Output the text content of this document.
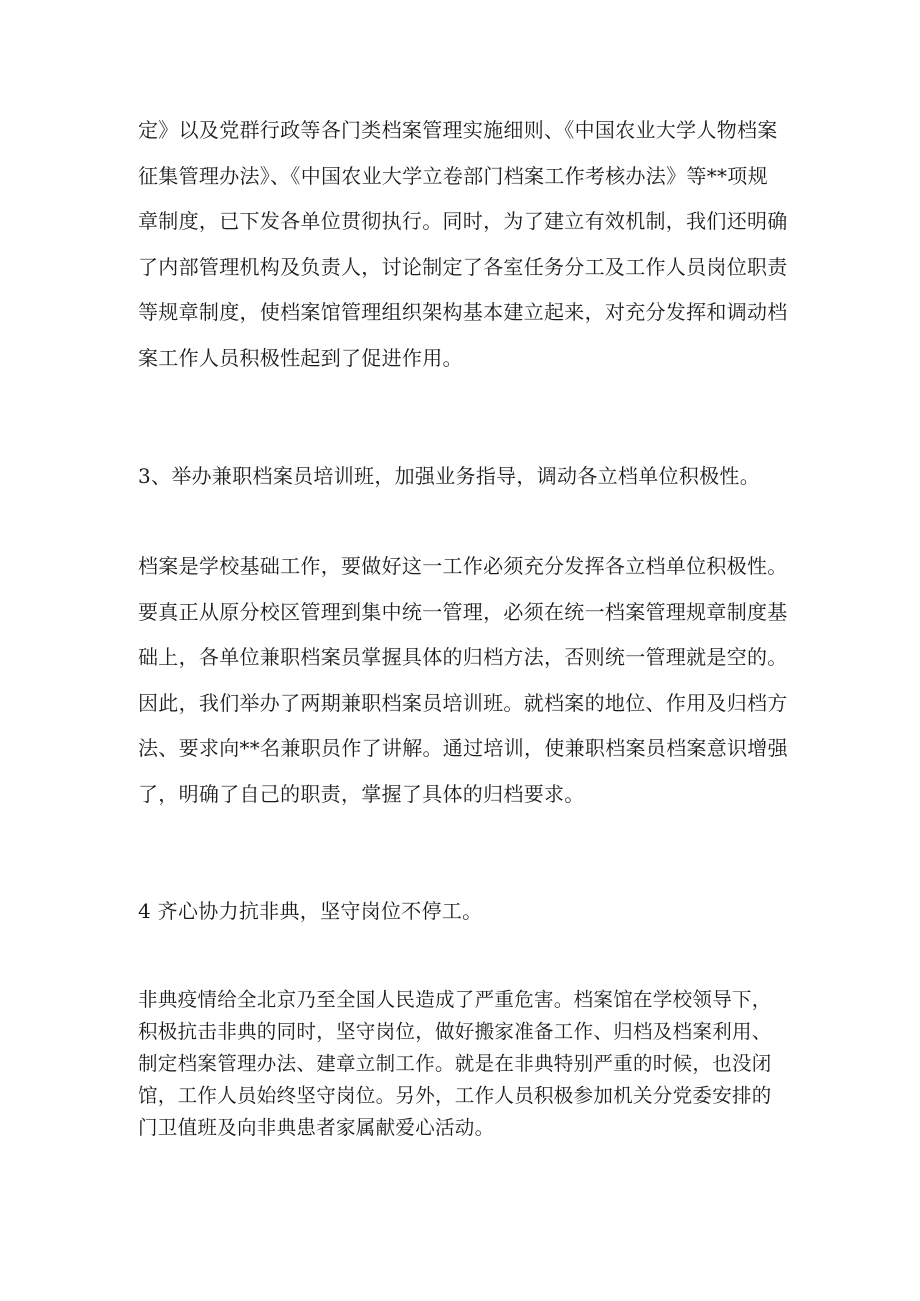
定》以及党群行政等各门类档案管理实施细则、《中国农业大学人物档案
征集管理办法》、《中国农业大学立卷部门档案工作考核办法》等**项规
章制度，已下发各单位贯彻执行。同时，为了建立有效机制，我们还明确
了内部管理机构及负责人，讨论制定了各室任务分工及工作人员岗位职责
等规章制度，使档案馆管理组织架构基本建立起来，对充分发挥和调动档
案工作人员积极性起到了促进作用。
3、举办兼职档案员培训班，加强业务指导，调动各立档单位积极性。
档案是学校基础工作，要做好这一工作必须充分发挥各立档单位积极性。
要真正从原分校区管理到集中统一管理，必须在统一档案管理规章制度基
础上，各单位兼职档案员掌握具体的归档方法，否则统一管理就是空的。
因此，我们举办了两期兼职档案员培训班。就档案的地位、作用及归档方
法、要求向**名兼职员作了讲解。通过培训，使兼职档案员档案意识增强
了，明确了自己的职责，掌握了具体的归档要求。
4 齐心协力抗非典，坚守岗位不停工。
非典疫情给全北京乃至全国人民造成了严重危害。档案馆在学校领导下，
积极抗击非典的同时，坚守岗位，做好搬家准备工作、归档及档案利用、
制定档案管理办法、建章立制工作。就是在非典特别严重的时候，也没闭
馆，工作人员始终坚守岗位。另外，工作人员积极参加机关分党委安排的
门卫值班及向非典患者家属献爱心活动。
